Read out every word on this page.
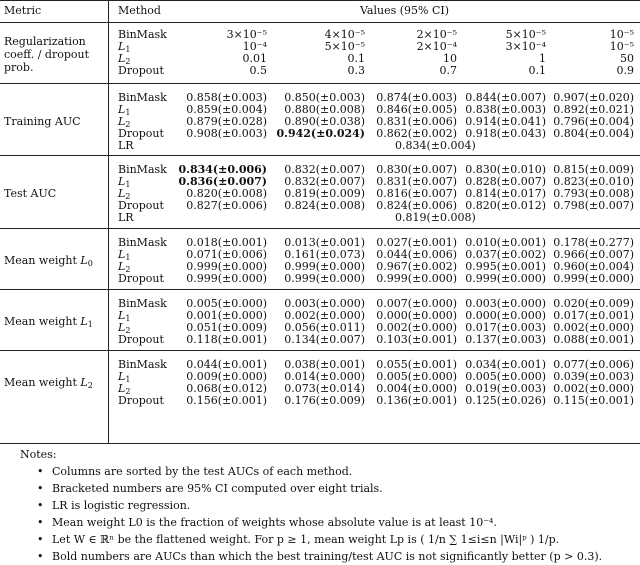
Metric	Method	Values (95% CI)
Regularization
coeff. / dropout
prob.
BinMask	3×10⁻⁵	4×10⁻⁵	2×10⁻⁵	5×10⁻⁵	10⁻⁵
$L_1$	10⁻⁴	5×10⁻⁵	2×10⁻⁴	3×10⁻⁴	10⁻⁵
$L_2$	0.01	0.1	10	1	50
Dropout	0.5	0.3	0.7	0.1	0.9
Training AUC
BinMask 0.858(±0.003) 0.850(±0.003) 0.874(±0.003) 0.844(±0.007) 0.907(±0.020)
$L_1$	0.859(±0.004) 0.880(±0.008) 0.846(±0.005) 0.838(±0.003) 0.892(±0.021)
$L_2$	0.879(±0.028) 0.890(±0.038) 0.831(±0.006) 0.914(±0.041) 0.796(±0.004)
Dropout 0.908(±0.003) 0.942(±0.024) 0.862(±0.002) 0.918(±0.043) 0.804(±0.004)
LR	0.834(±0.004)
Test AUC
BinMask 0.834(±0.006) 0.832(±0.007) 0.830(±0.007) 0.830(±0.010) 0.815(±0.009)
$L_1$	0.836(±0.007) 0.832(±0.007) 0.831(±0.007) 0.828(±0.007) 0.823(±0.010)
$L_2$	0.820(±0.008) 0.819(±0.009) 0.816(±0.007) 0.814(±0.017) 0.793(±0.008)
Dropout 0.827(±0.006) 0.824(±0.008) 0.824(±0.006) 0.820(±0.012) 0.798(±0.007)
LR	0.819(±0.008)
Mean weight $L_0$
BinMask 0.018(±0.001) 0.013(±0.001) 0.027(±0.001) 0.010(±0.001) 0.178(±0.277)
$L_1$	0.071(±0.006) 0.161(±0.073) 0.044(±0.006) 0.037(±0.002) 0.966(±0.007)
$L_2$	0.999(±0.000) 0.999(±0.000) 0.967(±0.002) 0.995(±0.001) 0.960(±0.004)
Dropout 0.999(±0.000) 0.999(±0.000) 0.999(±0.000) 0.999(±0.000) 0.999(±0.000)
Mean weight $L_1$
BinMask 0.005(±0.000) 0.003(±0.000) 0.007(±0.000) 0.003(±0.000) 0.020(±0.009)
$L_1$	0.001(±0.000) 0.002(±0.000) 0.000(±0.000) 0.000(±0.000) 0.017(±0.001)
$L_2$	0.051(±0.009) 0.056(±0.011) 0.002(±0.000) 0.017(±0.003) 0.002(±0.000)
Dropout 0.118(±0.001) 0.134(±0.007) 0.103(±0.001) 0.137(±0.003) 0.088(±0.001)
Mean weight $L_2$
BinMask 0.044(±0.001) 0.038(±0.001) 0.055(±0.001) 0.034(±0.001) 0.077(±0.006)
$L_1$	0.009(±0.000) 0.014(±0.000) 0.005(±0.000) 0.005(±0.000) 0.039(±0.003)
$L_2$	0.068(±0.012) 0.073(±0.014) 0.004(±0.000) 0.019(±0.003) 0.002(±0.000)
Dropout 0.156(±0.001) 0.176(±0.009) 0.136(±0.001) 0.125(±0.026) 0.115(±0.001)
Notes:
• Columns are sorted by the test AUCs of each method.
• Bracketed numbers are 95% CI computed over eight trials.
• LR is logistic regression.
• Mean weight L0 is the fraction of weights whose absolute value is at least 10⁻⁴.
• Let W ∈ ℝⁿ be the flattened weight. For p ≥ 1, mean weight Lp is ( 1/n ∑ 1≤i≤n |Wi|ᵖ ) 1/p.
• Bold numbers are AUCs than which the best training/test AUC is not significantly better (p > 0.3).
